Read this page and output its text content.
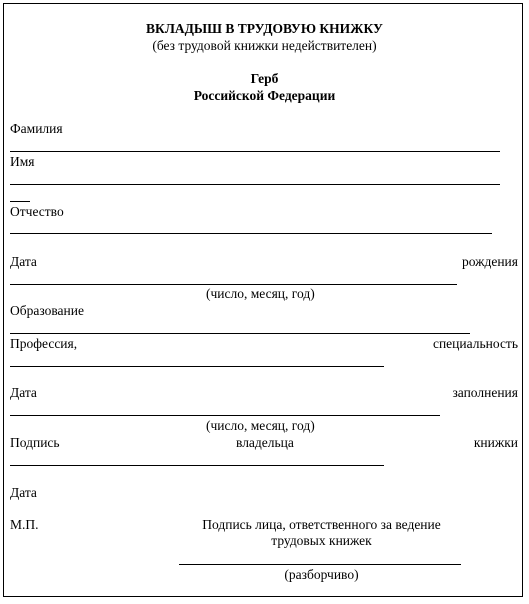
ВКЛАДЫШ В ТРУДОВУЮ КНИЖКУ
(без трудовой книжки недействителен)
Герб
Российской Федерации
Фамилия
Имя
Отчество
Дата	рождения
(число, месяц, год)
Образование
Профессия,	специальность
Дата	заполнения
(число, месяц, год)
Подпись	владельца	книжки
Дата
М.П.	Подпись лица, ответственного за ведение
трудовых книжек
(разборчиво)
